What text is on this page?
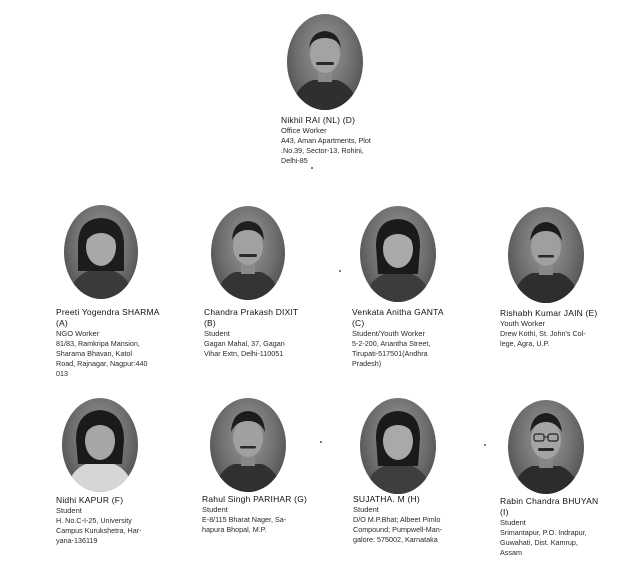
Nikhil RAI (NL) (D)
Office Worker
A43, Aman Apartments, Plot
.No.39, Sector-13, Rohini,
Delhi-85
Preeti Yogendra SHARMA
(A)
NGO Worker
81/83, Ramkripa Mansion,
Sharama Bhavan, Katol
Road, Rajnagar, Nagpur:440
013
Chandra Prakash DIXIT
(B)
Student
Gagan Mahal, 37, Gagan
Vihar Extn, Delhi-110051
Venkata Anitha GANTA
(C)
Student/Youth Worker
5-2-200, Anantha Street,
Tirupati-517501(Andhra
Pradesh)
Rishabh Kumar JAIN (E)
Youth Worker
Drew Kothi, St. John's Col-
lege, Agra, U.P.
Nidhi KAPUR (F)
Student
H. No.C-I-25, University
Campus Kurukshetra, Har-
yana-136119
Rahul Singh PARIHAR (G)
Student
E-8/115 Bharat Nager, Sa-
hapura Bhopal, M.P.
SUJATHA. M (H)
Student
D/O M.P.Bhat; Albeet Pimlo
Compound; Pumpwell-Man-
galore: 575002, Karnataka
Rabin Chandra BHUYAN
(I)
Student
Srimantapur, P.O. Indrapur,
Guwahati, Dist. Kamrup,
Assam
